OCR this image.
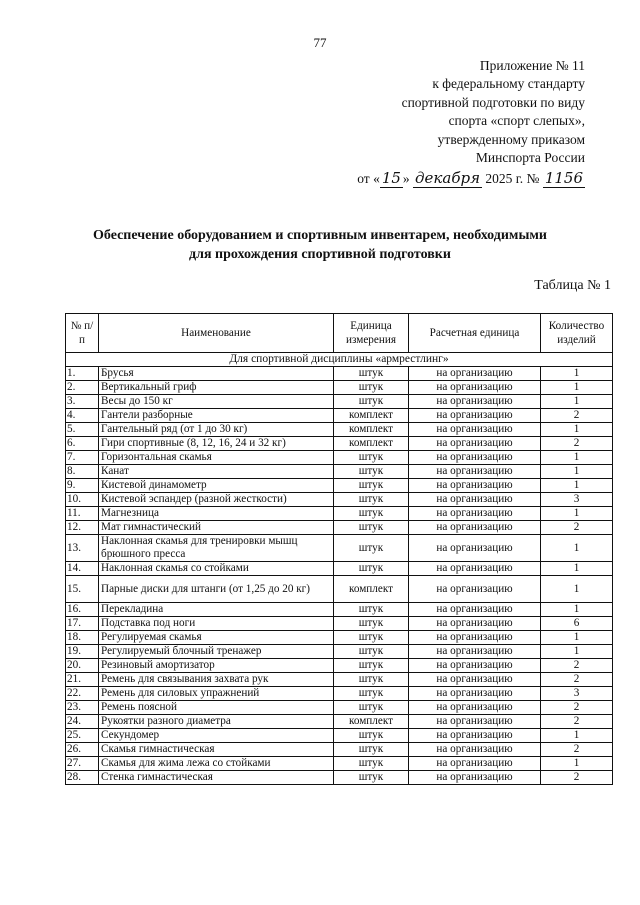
77
Приложение № 11
к федеральному стандарту
спортивной подготовки по виду
спорта «спорт слепых»,
утвержденному приказом
Минспорта России
от « 15 » декабря 2025 г. № 1156
Обеспечение оборудованием и спортивным инвентарем, необходимыми
для прохождения спортивной подготовки
Таблица № 1
№ п/п	Наименование	Единица измерения	Расчетная единица	Количество изделий
Для спортивной дисциплины «армрестлинг»				
1.	Брусья	штук	на организацию	1
2.	Вертикальный гриф	штук	на организацию	1
3.	Весы до 150 кг	штук	на организацию	1
4.	Гантели разборные	комплект	на организацию	2
5.	Гантельный ряд (от 1 до 30 кг)	комплект	на организацию	1
6.	Гири спортивные (8, 12, 16, 24 и 32 кг)	комплект	на организацию	2
7.	Горизонтальная скамья	штук	на организацию	1
8.	Канат	штук	на организацию	1
9.	Кистевой динамометр	штук	на организацию	1
10.	Кистевой эспандер (разной жесткости)	штук	на организацию	3
11.	Магнезница	штук	на организацию	1
12.	Мат гимнастический	штук	на организацию	2
13.	Наклонная скамья для тренировки мышц брюшного пресса	штук	на организацию	1
14.	Наклонная скамья со стойками	штук	на организацию	1
15.	Парные диски для штанги (от 1,25 до 20 кг)	комплект	на организацию	1
16.	Перекладина	штук	на организацию	1
17.	Подставка под ноги	штук	на организацию	6
18.	Регулируемая скамья	штук	на организацию	1
19.	Регулируемый блочный тренажер	штук	на организацию	1
20.	Резиновый амортизатор	штук	на организацию	2
21.	Ремень для связывания захвата рук	штук	на организацию	2
22.	Ремень для силовых упражнений	штук	на организацию	3
23.	Ремень поясной	штук	на организацию	2
24.	Рукоятки разного диаметра	комплект	на организацию	2
25.	Секундомер	штук	на организацию	1
26.	Скамья гимнастическая	штук	на организацию	2
27.	Скамья для жима лежа со стойками	штук	на организацию	1
28.	Стенка гимнастическая	штук	на организацию	2
